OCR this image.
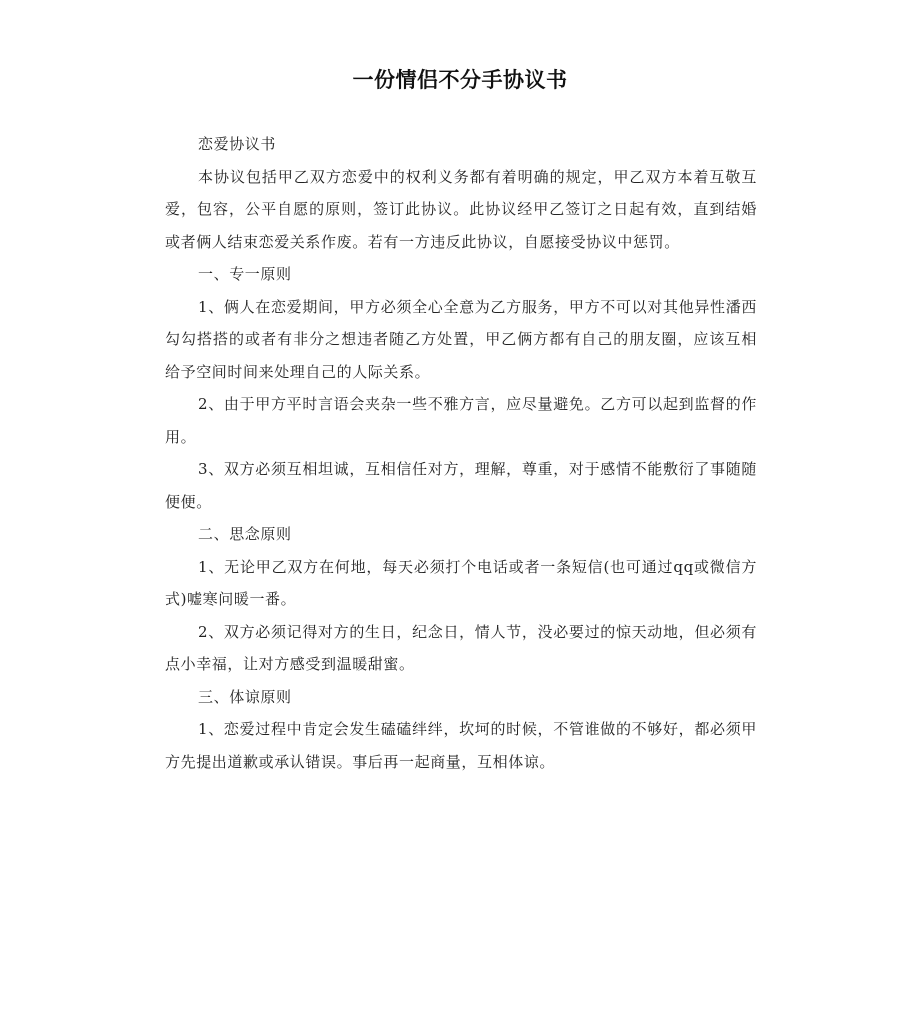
一份情侣不分手协议书

恋爱协议书

本协议包括甲乙双方恋爱中的权利义务都有着明确的规定，甲乙双方本着互敬互爱，包容，公平自愿的原则，签订此协议。此协议经甲乙签订之日起有效，直到结婚或者俩人结束恋爱关系作废。若有一方违反此协议，自愿接受协议中惩罚。

一、专一原则

1、俩人在恋爱期间，甲方必须全心全意为乙方服务，甲方不可以对其他异性潘西勾勾搭搭的或者有非分之想违者随乙方处置，甲乙俩方都有自己的朋友圈，应该互相给予空间时间来处理自己的人际关系。

2、由于甲方平时言语会夹杂一些不雅方言，应尽量避免。乙方可以起到监督的作用。

3、双方必须互相坦诚，互相信任对方，理解，尊重，对于感情不能敷衍了事随随便便。

二、思念原则

1、无论甲乙双方在何地，每天必须打个电话或者一条短信(也可通过qq或微信方式)嘘寒问暖一番。

2、双方必须记得对方的生日，纪念日，情人节，没必要过的惊天动地，但必须有点小幸福，让对方感受到温暖甜蜜。

三、体谅原则

1、恋爱过程中肯定会发生磕磕绊绊，坎坷的时候，不管谁做的不够好，都必须甲方先提出道歉或承认错误。事后再一起商量，互相体谅。
